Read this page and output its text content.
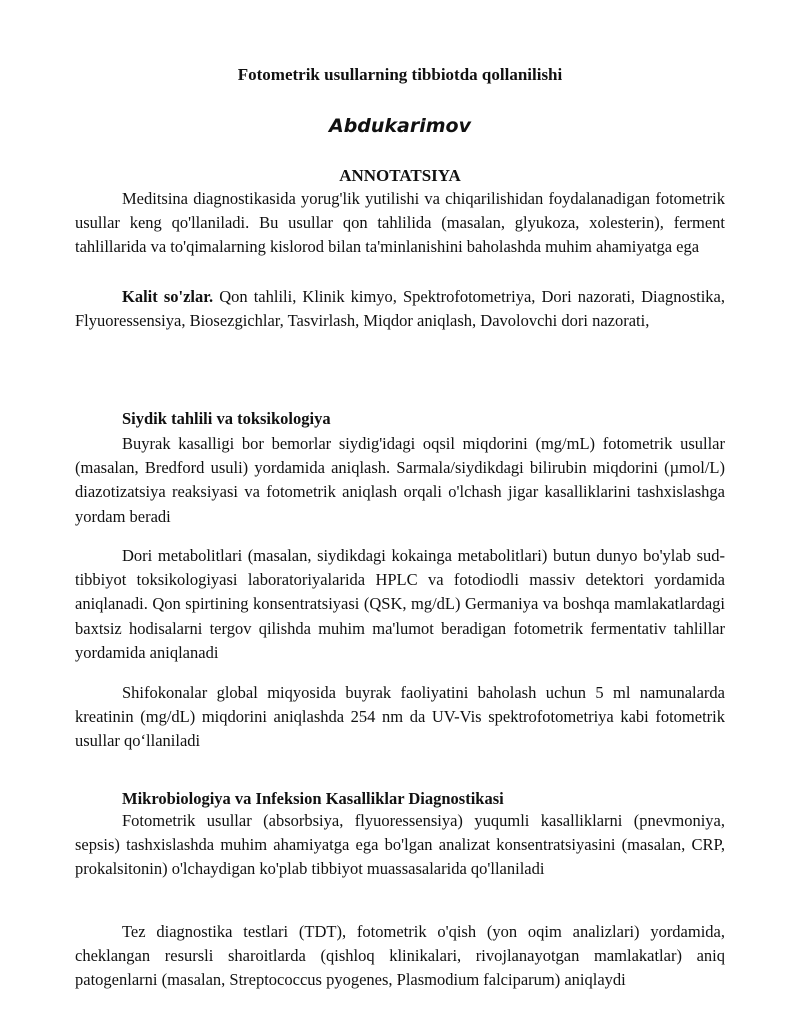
Fotometrik usullarning tibbiotda qollanilishi
Abdukarimov
ANNOTATSIYA
Meditsina diagnostikasida yorug'lik yutilishi va chiqarilishidan foydalanadigan fotometrik usullar keng qo'llaniladi. Bu usullar qon tahlilida (masalan, glyukoza, xolesterin), ferment tahlillarida va to'qimalarning kislorod bilan ta'minlanishini baholashda muhim ahamiyatga ega
Kalit so'zlar. Qon tahlili, Klinik kimyo, Spektrofotometriya, Dori nazorati, Diagnostika, Flyuoressensiya, Biosezgichlar, Tasvirlash, Miqdor aniqlash, Davolovchi dori nazorati,
Siydik tahlili va toksikologiya
Buyrak kasalligi bor bemorlar siydig'idagi oqsil miqdorini (mg/mL) fotometrik usullar (masalan, Bredford usuli) yordamida aniqlash. Sarmala/siydikdagi bilirubin miqdorini (µmol/L) diazotizatsiya reaksiyasi va fotometrik aniqlash orqali o'lchash jigar kasalliklarini tashxislashga yordam beradi
Dori metabolitlari (masalan, siydikdagi kokainga metabolitlari) butun dunyo bo'ylab sud-tibbiyot toksikologiyasi laboratoriyalarida HPLC va fotodiodli massiv detektori yordamida aniqlanadi. Qon spirtining konsentratsiyasi (QSK, mg/dL) Germaniya va boshqa mamlakatlardagi baxtsiz hodisalarni tergov qilishda muhim ma'lumot beradigan fotometrik fermentativ tahlillar yordamida aniqlanadi
Shifokonalar global miqyosida buyrak faoliyatini baholash uchun 5 ml namunalarda kreatinin (mg/dL) miqdorini aniqlashda 254 nm da UV-Vis spektrofotometriya kabi fotometrik usullar qo‘llaniladi
Mikrobiologiya va Infeksion Kasalliklar Diagnostikasi
Fotometrik usullar (absorbsiya, flyuoressensiya) yuqumli kasalliklarni (pnevmoniya, sepsis) tashxislashda muhim ahamiyatga ega bo'lgan analizat konsentratsiyasini (masalan, CRP, prokalsitonin) o'lchaydigan ko'plab tibbiyot muassasalarida qo'llaniladi
Tez diagnostika testlari (TDT), fotometrik o'qish (yon oqim analizlari) yordamida, cheklangan resursli sharoitlarda (qishloq klinikalari, rivojlanayotgan mamlakatlar) aniq patogenlarni (masalan, Streptococcus pyogenes, Plasmodium falciparum) aniqlaydi
